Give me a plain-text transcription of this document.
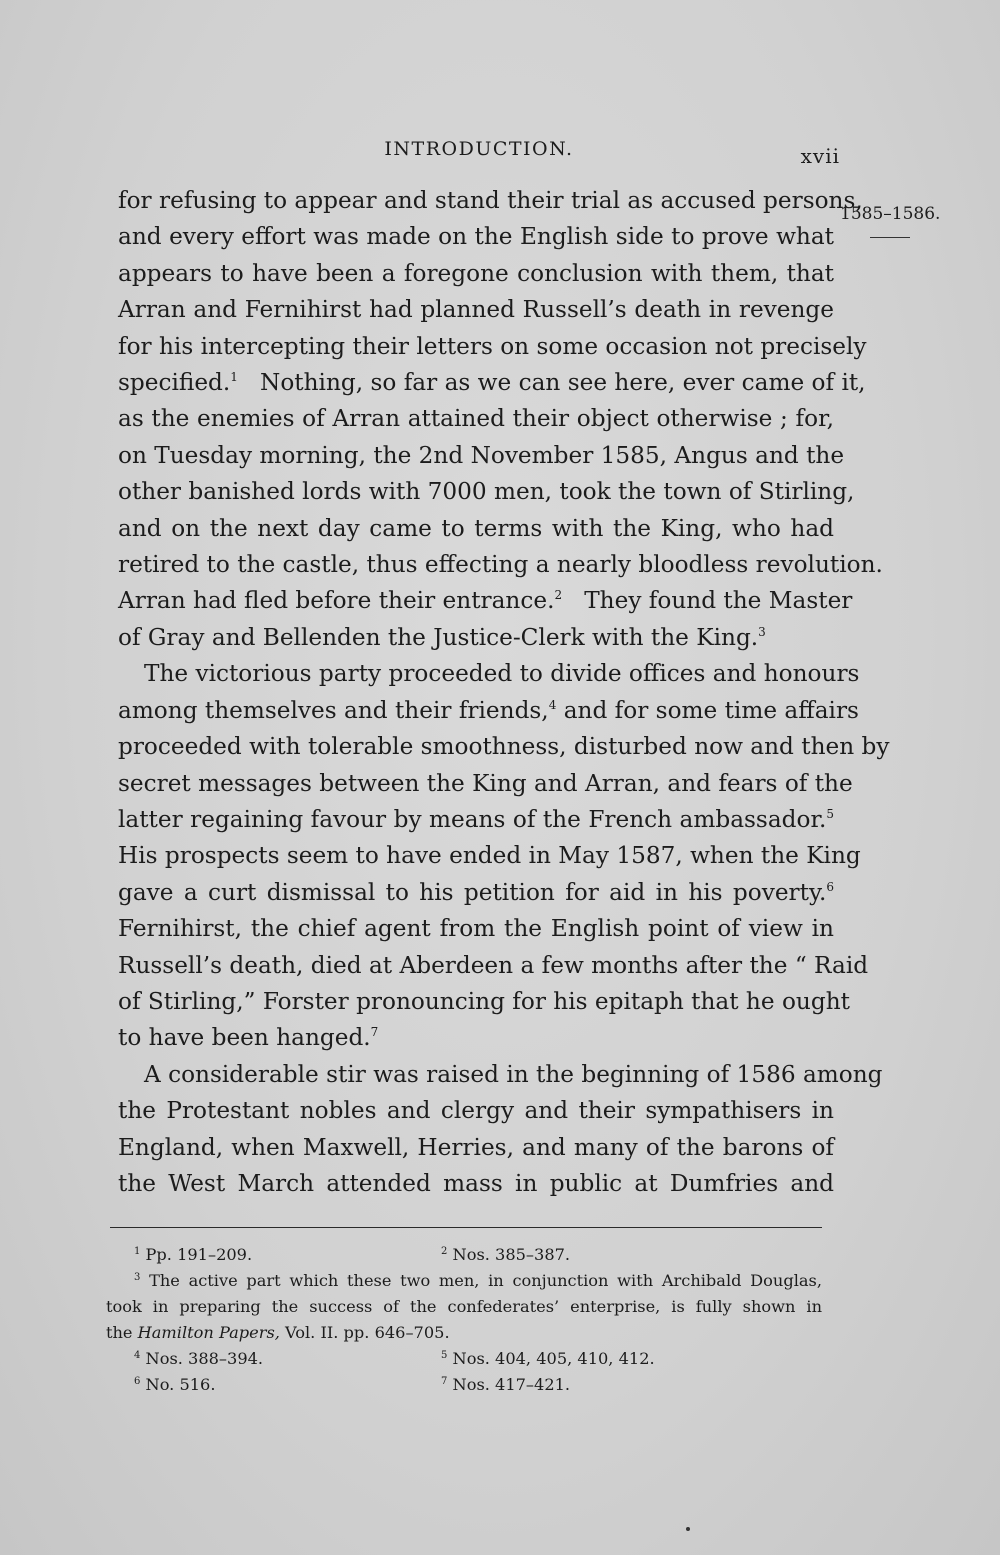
INTRODUCTION.	xvii
1585–1586.

for refusing to appear and stand their trial as accused persons,
and every effort was made on the English side to prove what
appears to have been a foregone conclusion with them, that
Arran and Fernihirst had planned Russell’s death in revenge
for his intercepting their letters on some occasion not precisely
specified.$^1$ Nothing, so far as we can see here, ever came of it,
as the enemies of Arran attained their object otherwise ; for,
on Tuesday morning, the 2nd November 1585, Angus and the
other banished lords with 7000 men, took the town of Stirling,
and on the next day came to terms with the King, who had
retired to the castle, thus effecting a nearly bloodless revolution.
Arran had fled before their entrance.$^2$ They found the Master
of Gray and Bellenden the Justice-Clerk with the King.$^3$

The victorious party proceeded to divide offices and honours
among themselves and their friends,$^4$ and for some time affairs
proceeded with tolerable smoothness, disturbed now and then by
secret messages between the King and Arran, and fears of the
latter regaining favour by means of the French ambassador.$^5$
His prospects seem to have ended in May 1587, when the King
gave a curt dismissal to his petition for aid in his poverty.$^6$
Fernihirst, the chief agent from the English point of view in
Russell’s death, died at Aberdeen a few months after the “ Raid
of Stirling,” Forster pronouncing for his epitaph that he ought
to have been hanged.$^7$

A considerable stir was raised in the beginning of 1586 among
the Protestant nobles and clergy and their sympathisers in
England, when Maxwell, Herries, and many of the barons of
the West March attended mass in public at Dumfries and

$^1$ Pp. 191–209.	$^2$ Nos. 385–387.
$^3$ The active part which these two men, in conjunction with Archibald Douglas,
took in preparing the success of the confederates’ enterprise, is fully shown in
the Hamilton Papers, Vol. II. pp. 646–705.
$^4$ Nos. 388–394.	$^5$ Nos. 404, 405, 410, 412.
$^6$ No. 516.	$^7$ Nos. 417–421.
